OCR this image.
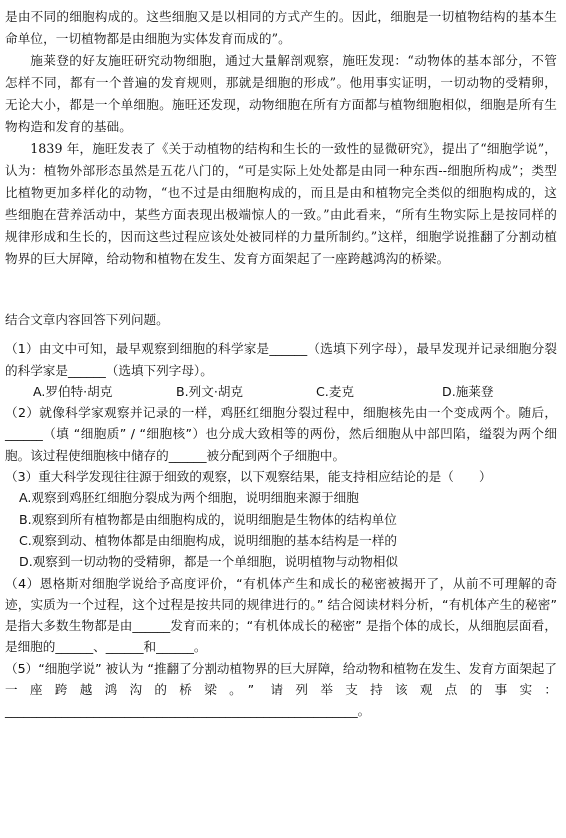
是由不同的细胞构成的。这些细胞又是以相同的方式产生的。因此，细胞是一切植物结构的基本生命单位，一切植物都是由细胞为实体发育而成的”。

施莱登的好友施旺研究动物细胞，通过大量解剖观察，施旺发现：“动物体的基本部分，不管怎样不同，都有一个普遍的发育规则，那就是细胞的形成”。他用事实证明，一切动物的受精卵，无论大小，都是一个单细胞。施旺还发现，动物细胞在所有方面都与植物细胞相似，细胞是所有生物构造和发育的基础。

1839 年，施旺发表了《关于动植物的结构和生长的一致性的显微研究》，提出了“细胞学说”，认为：植物外部形态虽然是五花八门的，“可是实际上处处都是由同一种东西--细胞所构成”；类型比植物更加多样化的动物，“也不过是由细胞构成的，而且是由和植物完全类似的细胞构成的，这些细胞在营养活动中，某些方面表现出极端惊人的一致。”由此看来，“所有生物实际上是按同样的规律形成和生长的，因而这些过程应该处处被同样的力量所制约。”这样，细胞学说推翻了分割动植物界的巨大屏障，给动物和植物在发生、发育方面架起了一座跨越鸿沟的桥梁。

结合文章内容回答下列问题。

（1）由文中可知，最早观察到细胞的科学家是______（选填下列字母），最早发现并记录细胞分裂的科学家是______（选填下列字母）。

A.罗伯特·胡克	B.列文·胡克	C.麦克	D.施莱登

（2）就像科学家观察并记录的一样，鸡胚红细胞分裂过程中，细胞核先由一个变成两个。随后，______（填 “细胞质” / “细胞核”）也分成大致相等的两份，然后细胞从中部凹陷，缢裂为两个细胞。该过程使细胞核中储存的______被分配到两个子细胞中。

（3）重大科学发现往往源于细致的观察，以下观察结果，能支持相应结论的是（　　）

A.观察到鸡胚红细胞分裂成为两个细胞，说明细胞来源于细胞

B.观察到所有植物都是由细胞构成的，说明细胞是生物体的结构单位

C.观察到动、植物体都是由细胞构成，说明细胞的基本结构是一样的

D.观察到一切动物的受精卵，都是一个单细胞，说明植物与动物相似

（4）恩格斯对细胞学说给予高度评价，“有机体产生和成长的秘密被揭开了，从前不可理解的奇迹，实质为一个过程，这个过程是按共同的规律进行的。” 结合阅读材料分析，“有机体产生的秘密” 是指大多数生物都是由______发育而来的；“有机体成长的秘密” 是指个体的成长，从细胞层面看，是细胞的______、______和______。

（5）“细胞学说” 被认为 “推翻了分割动植物界的巨大屏障，给动物和植物在发生、发育方面架起了一座跨越鸿沟的桥梁。” 请列举支持该观点的事实：________________________________________________________。
